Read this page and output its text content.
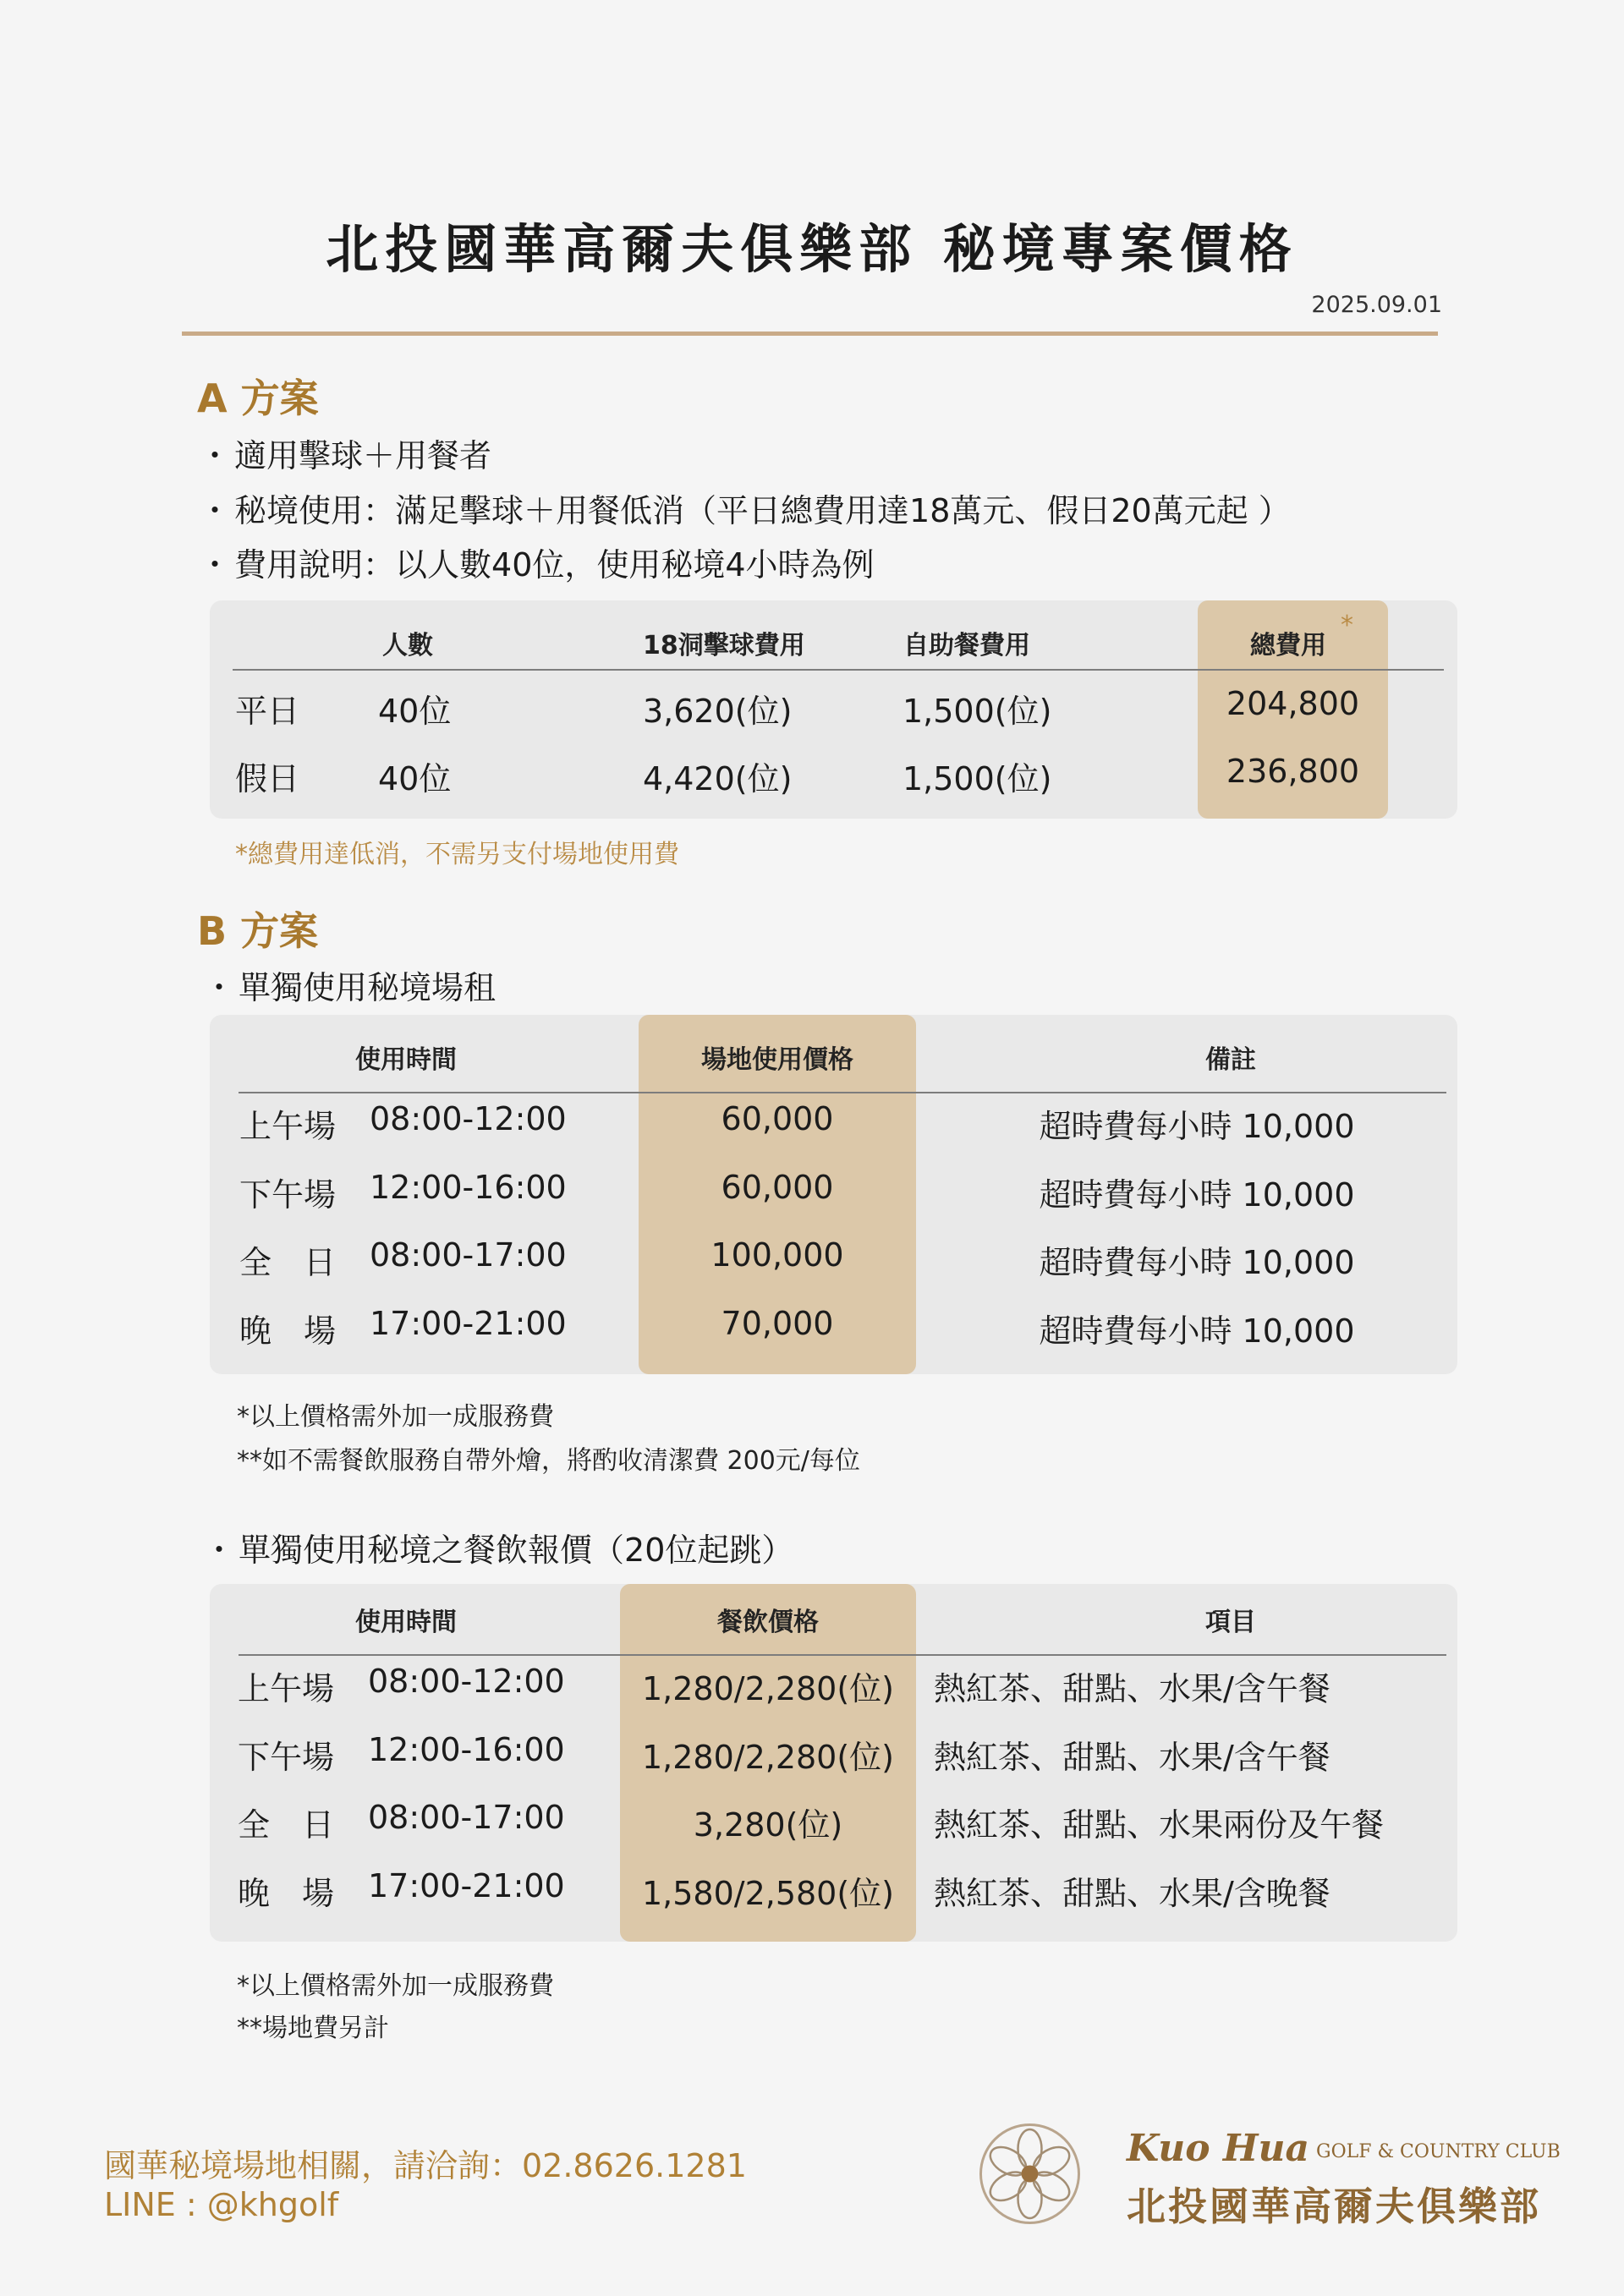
北投國華高爾夫俱樂部 秘境專案價格
2025.09.01
A 方案
・ 適用擊球＋用餐者
・ 秘境使用：滿足擊球＋用餐低消（平日總費用達18萬元、假日20萬元起 ）
・ 費用說明：以人數40位，使用秘境4小時為例
人數	18洞擊球費用	自助餐費用	總費用
*
平日 40位	3,620(位)	1,500(位)	204,800
假日 40位	4,420(位)	1,500(位)	236,800
*總費用達低消，不需另支付場地使用費
B 方案
・ 單獨使用秘境場租
使用時間	場地使用價格	備註
上午場 08:00-12:00	60,000	超時費每小時 10,000
下午場 12:00-16:00	60,000	超時費每小時 10,000
全　日 08:00-17:00	100,000	超時費每小時 10,000
晚　場 17:00-21:00	70,000	超時費每小時 10,000
*以上價格需外加一成服務費
**如不需餐飲服務自帶外燴，將酌收清潔費 200元/每位
・ 單獨使用秘境之餐飲報價（20位起跳）
使用時間	餐飲價格	項目
上午場 08:00-12:00	1,280/2,280(位)	熱紅茶、甜點、水果/含午餐
下午場 12:00-16:00	1,280/2,280(位)	熱紅茶、甜點、水果/含午餐
全　日 08:00-17:00	3,280(位)	熱紅茶、甜點、水果兩份及午餐
晚　場 17:00-21:00	1,580/2,580(位)	熱紅茶、甜點、水果/含晚餐
*以上價格需外加一成服務費
**場地費另計
國華秘境場地相關，請洽詢：02.8626.1281
LINE : @khgolf
Kuo Hua GOLF & COUNTRY CLUB
北投國華高爾夫俱樂部
